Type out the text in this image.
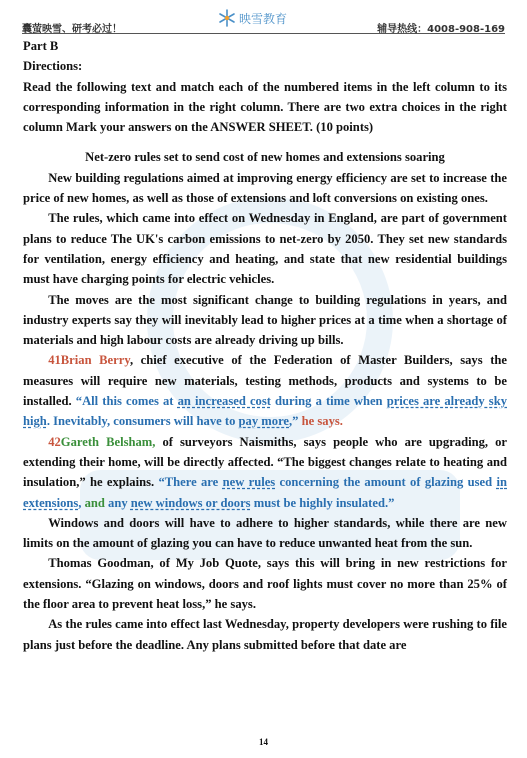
囊萤映雪、研考必过！
映雪教育
辅导热线：4008-908-169

Part B

Directions:

Read the following text and match each of the numbered items in the left column to its corresponding information in the right column. There are two extra choices in the right column Mark your answers on the ANSWER SHEET. (10 points)

Net-zero rules set to send cost of new homes and extensions soaring

New building regulations aimed at improving energy efficiency are set to increase the price of new homes, as well as those of extensions and loft conversions on existing ones.

The rules, which came into effect on Wednesday in England, are part of government plans to reduce The UK's carbon emissions to net-zero by 2050. They set new standards for ventilation, energy efficiency and heating, and state that new residential buildings must have charging points for electric vehicles.

The moves are the most significant change to building regulations in years, and industry experts say they will inevitably lead to higher prices at a time when a shortage of materials and high labour costs are already driving up bills.

41Brian Berry, chief executive of the Federation of Master Builders, says the measures will require new materials, testing methods, products and systems to be installed. “All this comes at an increased cost during a time when prices are already sky high. Inevitably, consumers will have to pay more,” he says.

42Gareth Belsham, of surveyors Naismiths, says people who are upgrading, or extending their home, will be directly affected. “The biggest changes relate to heating and insulation,” he explains. “There are new rules concerning the amount of glazing used in extensions, and any new windows or doors must be highly insulated.”

Windows and doors will have to adhere to higher standards, while there are new limits on the amount of glazing you can have to reduce unwanted heat from the sun.

Thomas Goodman, of My Job Quote, says this will bring in new restrictions for extensions. “Glazing on windows, doors and roof lights must cover no more than 25% of the floor area to prevent heat loss,” he says.

As the rules came into effect last Wednesday, property developers were rushing to file plans just before the deadline. Any plans submitted before that date are

14
